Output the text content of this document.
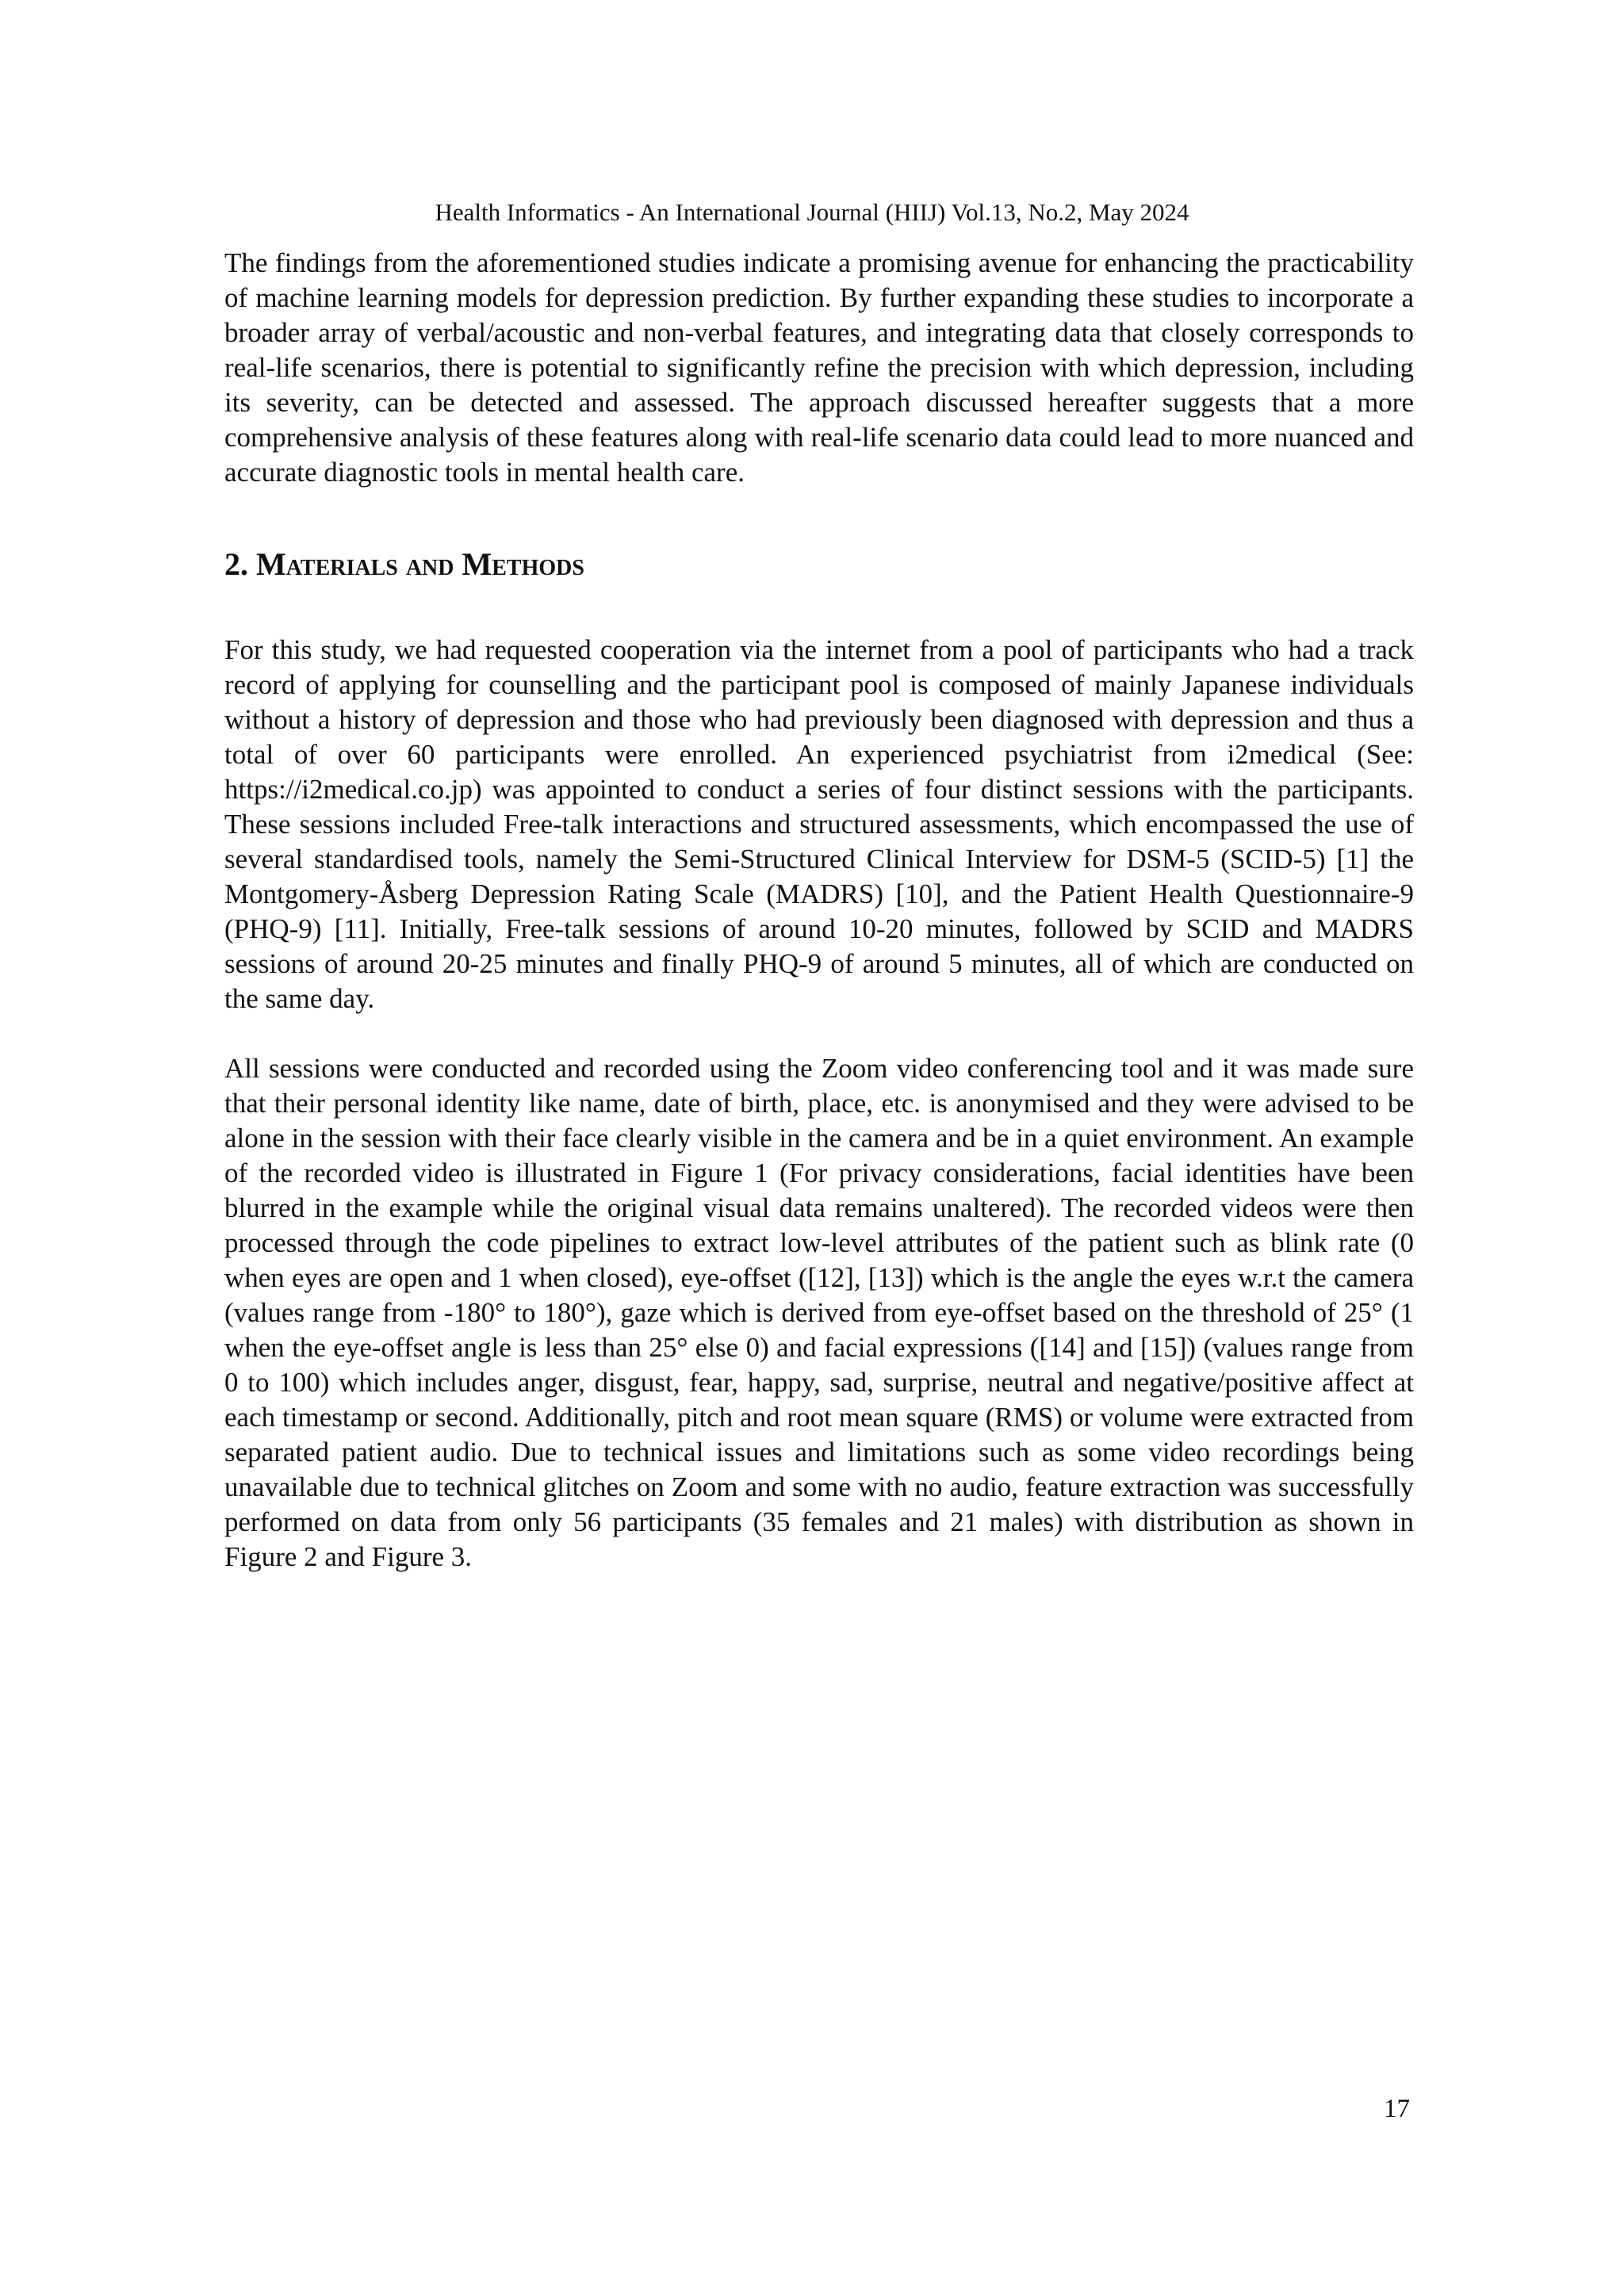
Health Informatics - An International Journal (HIIJ) Vol.13, No.2, May 2024

The findings from the aforementioned studies indicate a promising avenue for enhancing the practicability of machine learning models for depression prediction. By further expanding these studies to incorporate a broader array of verbal/acoustic and non-verbal features, and integrating data that closely corresponds to real-life scenarios, there is potential to significantly refine the precision with which depression, including its severity, can be detected and assessed. The approach discussed hereafter suggests that a more comprehensive analysis of these features along with real-life scenario data could lead to more nuanced and accurate diagnostic tools in mental health care.

2. Materials and Methods

For this study, we had requested cooperation via the internet from a pool of participants who had a track record of applying for counselling and the participant pool is composed of mainly Japanese individuals without a history of depression and those who had previously been diagnosed with depression and thus a total of over 60 participants were enrolled. An experienced psychiatrist from i2medical (See: https://i2medical.co.jp) was appointed to conduct a series of four distinct sessions with the participants. These sessions included Free-talk interactions and structured assessments, which encompassed the use of several standardised tools, namely the Semi-Structured Clinical Interview for DSM-5 (SCID-5) [1] the Montgomery-Åsberg Depression Rating Scale (MADRS) [10], and the Patient Health Questionnaire-9 (PHQ-9) [11]. Initially, Free-talk sessions of around 10-20 minutes, followed by SCID and MADRS sessions of around 20-25 minutes and finally PHQ-9 of around 5 minutes, all of which are conducted on the same day.

All sessions were conducted and recorded using the Zoom video conferencing tool and it was made sure that their personal identity like name, date of birth, place, etc. is anonymised and they were advised to be alone in the session with their face clearly visible in the camera and be in a quiet environment. An example of the recorded video is illustrated in Figure 1 (For privacy considerations, facial identities have been blurred in the example while the original visual data remains unaltered). The recorded videos were then processed through the code pipelines to extract low-level attributes of the patient such as blink rate (0 when eyes are open and 1 when closed), eye-offset ([12], [13]) which is the angle the eyes w.r.t the camera (values range from -180° to 180°), gaze which is derived from eye-offset based on the threshold of 25° (1 when the eye-offset angle is less than 25° else 0) and facial expressions ([14] and [15]) (values range from 0 to 100) which includes anger, disgust, fear, happy, sad, surprise, neutral and negative/positive affect at each timestamp or second. Additionally, pitch and root mean square (RMS) or volume were extracted from separated patient audio. Due to technical issues and limitations such as some video recordings being unavailable due to technical glitches on Zoom and some with no audio, feature extraction was successfully performed on data from only 56 participants (35 females and 21 males) with distribution as shown in Figure 2 and Figure 3.

17
